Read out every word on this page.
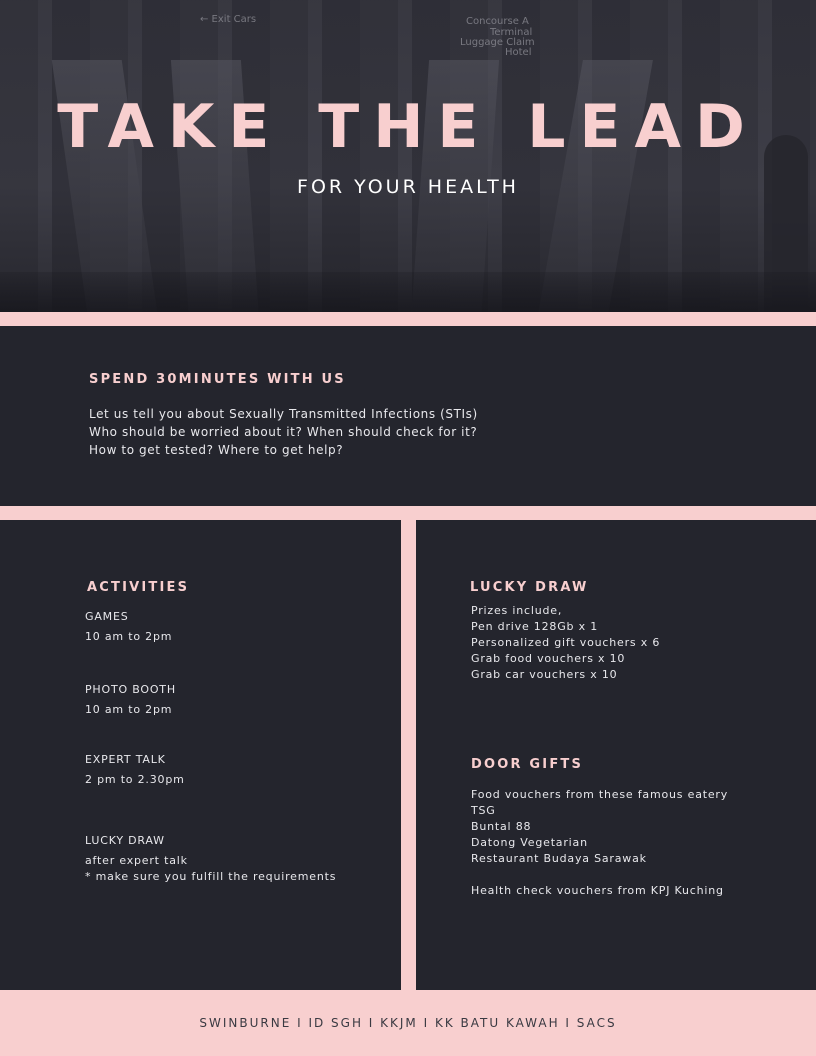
← Exit Cars	Concourse A
Terminal
Luggage Claim
Hotel
TAKE THE LEAD
FOR YOUR HEALTH
SPEND 30MINUTES WITH US
Let us tell you about Sexually Transmitted Infections (STIs)
Who should be worried about it? When should check for it?
How to get tested? Where to get help?
ACTIVITIES
GAMES
10 am to 2pm
PHOTO BOOTH
10 am to 2pm
EXPERT TALK
2 pm to 2.30pm
LUCKY DRAW
after expert talk
* make sure you fulfill the requirements
LUCKY DRAW
Prizes include,
Pen drive 128Gb x 1
Personalized gift vouchers x 6
Grab food vouchers x 10
Grab car vouchers x 10
DOOR GIFTS
Food vouchers from these famous eatery
TSG
Buntal 88
Datong Vegetarian
Restaurant Budaya Sarawak
Health check vouchers from KPJ Kuching
SWINBURNE I ID SGH I KKJM I KK BATU KAWAH I SACS
